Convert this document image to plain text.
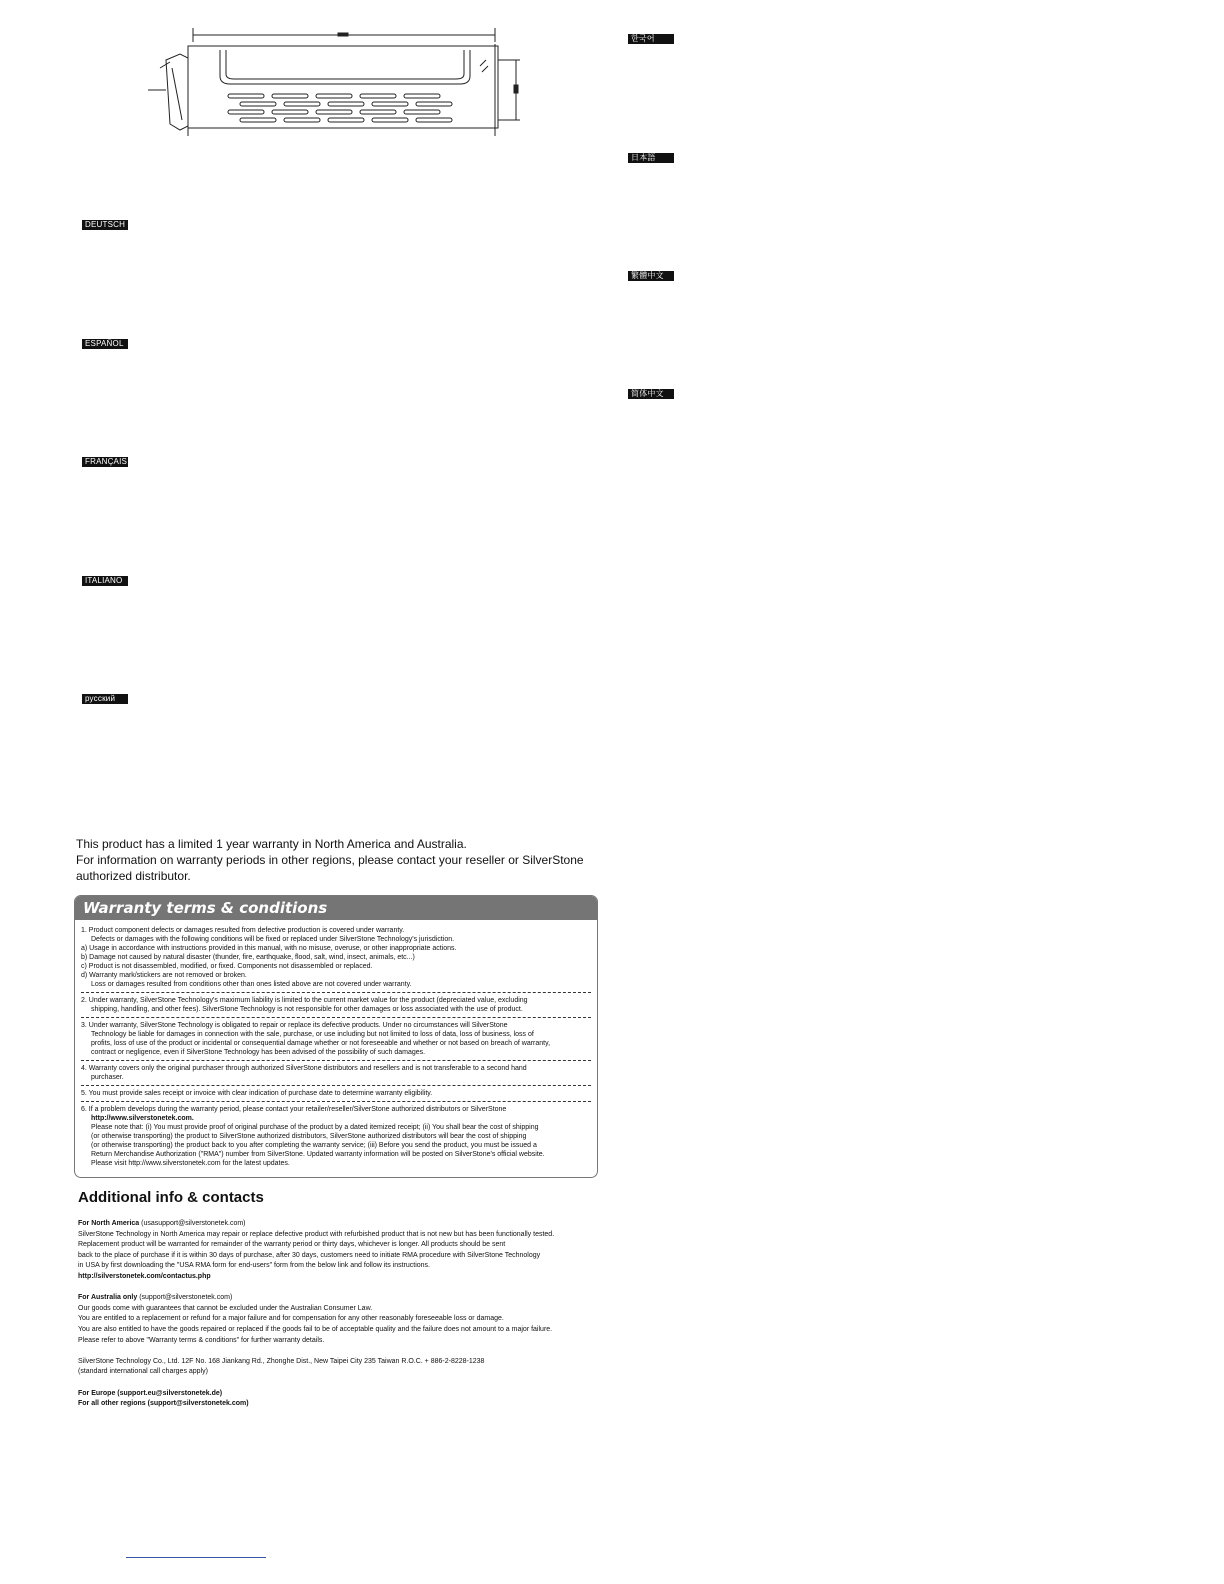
DEUTSCH
ESPAÑOL
FRANÇAIS
ITALIANO
русский
한국어
日本語
繁體中文
简体中文
This product has a limited 1 year warranty in North America and Australia.
For information on warranty periods in other regions, please contact your reseller or SilverStone
authorized distributor.
Warranty terms & conditions
1. Product component defects or damages resulted from defective production is covered under warranty.
Defects or damages with the following conditions will be fixed or replaced under SilverStone Technology's jurisdiction.
a) Usage in accordance with instructions provided in this manual, with no misuse, overuse, or other inappropriate actions.
b) Damage not caused by natural disaster (thunder, fire, earthquake, flood, salt, wind, insect, animals, etc...)
c) Product is not disassembled, modified, or fixed. Components not disassembled or replaced.
d) Warranty mark/stickers are not removed or broken.
Loss or damages resulted from conditions other than ones listed above are not covered under warranty.
2. Under warranty, SilverStone Technology's maximum liability is limited to the current market value for the product (depreciated value, excluding
shipping, handling, and other fees). SilverStone Technology is not responsible for other damages or loss associated with the use of product.
3. Under warranty, SilverStone Technology is obligated to repair or replace its defective products. Under no circumstances will SilverStone
Technology be liable for damages in connection with the sale, purchase, or use including but not limited to loss of data, loss of business, loss of
profits, loss of use of the product or incidental or consequential damage whether or not foreseeable and whether or not based on breach of warranty,
contract or negligence, even if SilverStone Technology has been advised of the possibility of such damages.
4. Warranty covers only the original purchaser through authorized SilverStone distributors and resellers and is not transferable to a second hand
purchaser.
5. You must provide sales receipt or invoice with clear indication of purchase date to determine warranty eligibility.
6. If a problem develops during the warranty period, please contact your retailer/reseller/SilverStone authorized distributors or SilverStone
http://www.silverstonetek.com.
Please note that: (i) You must provide proof of original purchase of the product by a dated itemized receipt; (ii) You shall bear the cost of shipping
(or otherwise transporting) the product to SilverStone authorized distributors, SilverStone authorized distributors will bear the cost of shipping
(or otherwise transporting) the product back to you after completing the warranty service; (iii) Before you send the product, you must be issued a
Return Merchandise Authorization ("RMA") number from SilverStone. Updated warranty information will be posted on SilverStone's official website.
Please visit http://www.silverstonetek.com for the latest updates.
Additional info & contacts
For North America (usasupport@silverstonetek.com)
SilverStone Technology in North America may repair or replace defective product with refurbished product that is not new but has been functionally tested.
Replacement product will be warranted for remainder of the warranty period or thirty days, whichever is longer. All products should be sent
back to the place of purchase if it is within 30 days of purchase, after 30 days, customers need to initiate RMA procedure with SilverStone Technology
in USA by first downloading the "USA RMA form for end-users" form from the below link and follow its instructions.
http://silverstonetek.com/contactus.php
For Australia only (support@silverstonetek.com)
Our goods come with guarantees that cannot be excluded under the Australian Consumer Law.
You are entitled to a replacement or refund for a major failure and for compensation for any other reasonably foreseeable loss or damage.
You are also entitled to have the goods repaired or replaced if the goods fail to be of acceptable quality and the failure does not amount to a major failure.
Please refer to above "Warranty terms & conditions" for further warranty details.
SilverStone Technology Co., Ltd. 12F No. 168 Jiankang Rd., Zhonghe Dist., New Taipei City 235 Taiwan R.O.C. + 886-2-8228-1238
(standard international call charges apply)
For Europe (support.eu@silverstonetek.de)
For all other regions (support@silverstonetek.com)
